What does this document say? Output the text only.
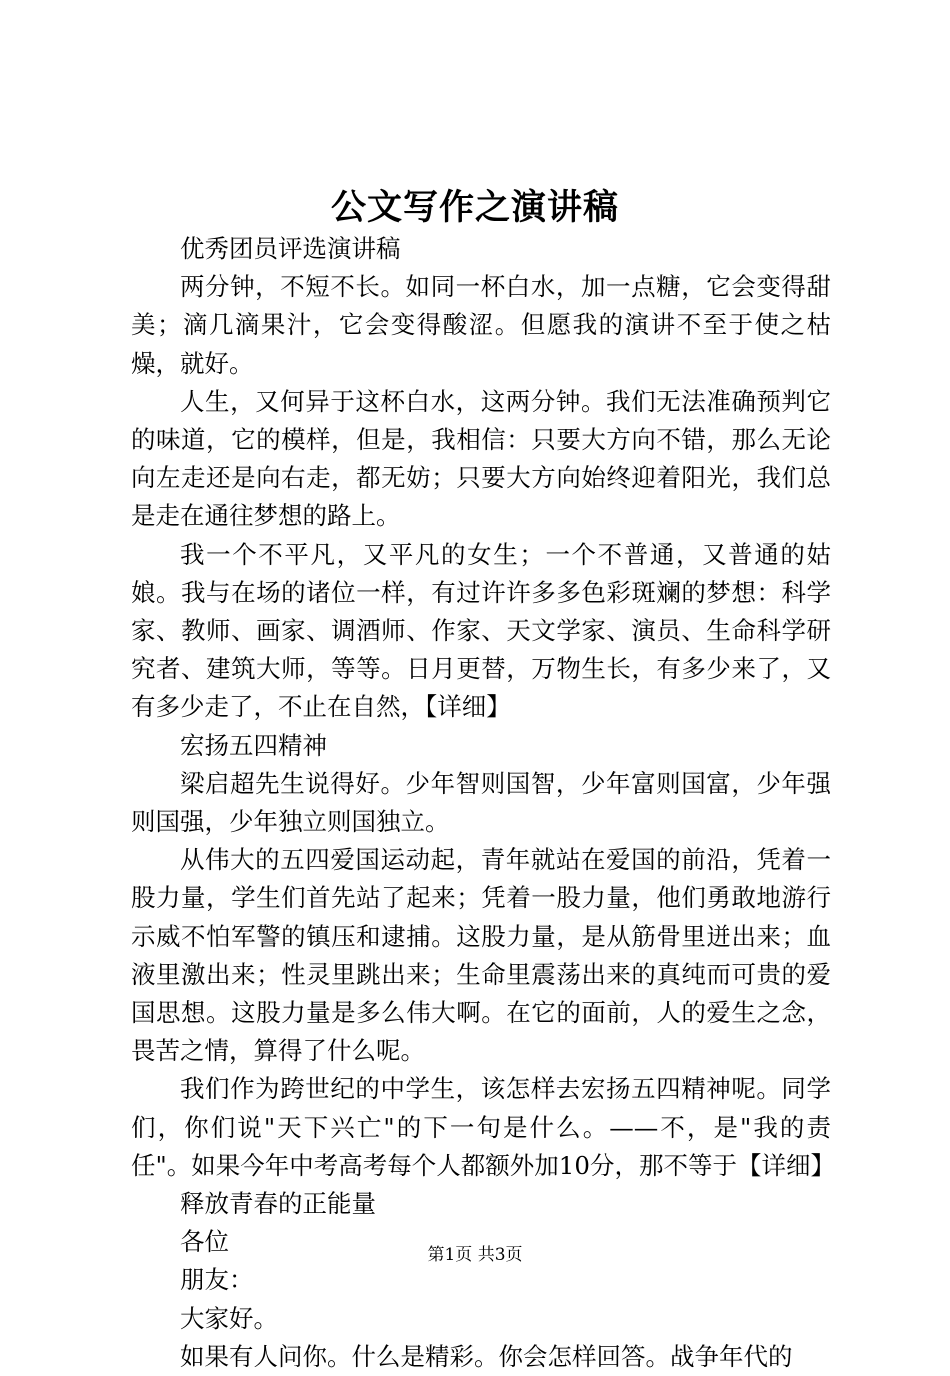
公文写作之演讲稿

优秀团员评选演讲稿

两分钟，不短不长。如同一杯白水，加一点糖，它会变得甜美；滴几滴果汁，它会变得酸涩。但愿我的演讲不至于使之枯燥，就好。

人生，又何异于这杯白水，这两分钟。我们无法准确预判它的味道，它的模样，但是，我相信：只要大方向不错，那么无论向左走还是向右走，都无妨；只要大方向始终迎着阳光，我们总是走在通往梦想的路上。

我一个不平凡，又平凡的女生；一个不普通，又普通的姑娘。我与在场的诸位一样，有过许许多多色彩斑斓的梦想：科学家、教师、画家、调酒师、作家、天文学家、演员、生命科学研究者、建筑大师，等等。日月更替，万物生长，有多少来了，又有多少走了，不止在自然，【详细】

宏扬五四精神

梁启超先生说得好。少年智则国智，少年富则国富，少年强则国强，少年独立则国独立。

从伟大的五四爱国运动起，青年就站在爱国的前沿，凭着一股力量，学生们首先站了起来；凭着一股力量，他们勇敢地游行示威不怕军警的镇压和逮捕。这股力量，是从筋骨里迸出来；血液里激出来；性灵里跳出来；生命里震荡出来的真纯而可贵的爱国思想。这股力量是多么伟大啊。在它的面前，人的爱生之念，畏苦之情，算得了什么呢。

我们作为跨世纪的中学生，该怎样去宏扬五四精神呢。同学们，你们说"天下兴亡"的下一句是什么。——不，是"我的责任"。如果今年中考高考每个人都额外加10分，那不等于【详细】

释放青春的正能量

各位

朋友：

大家好。

如果有人问你。什么是精彩。你会怎样回答。战争年代的

第1页 共3页
